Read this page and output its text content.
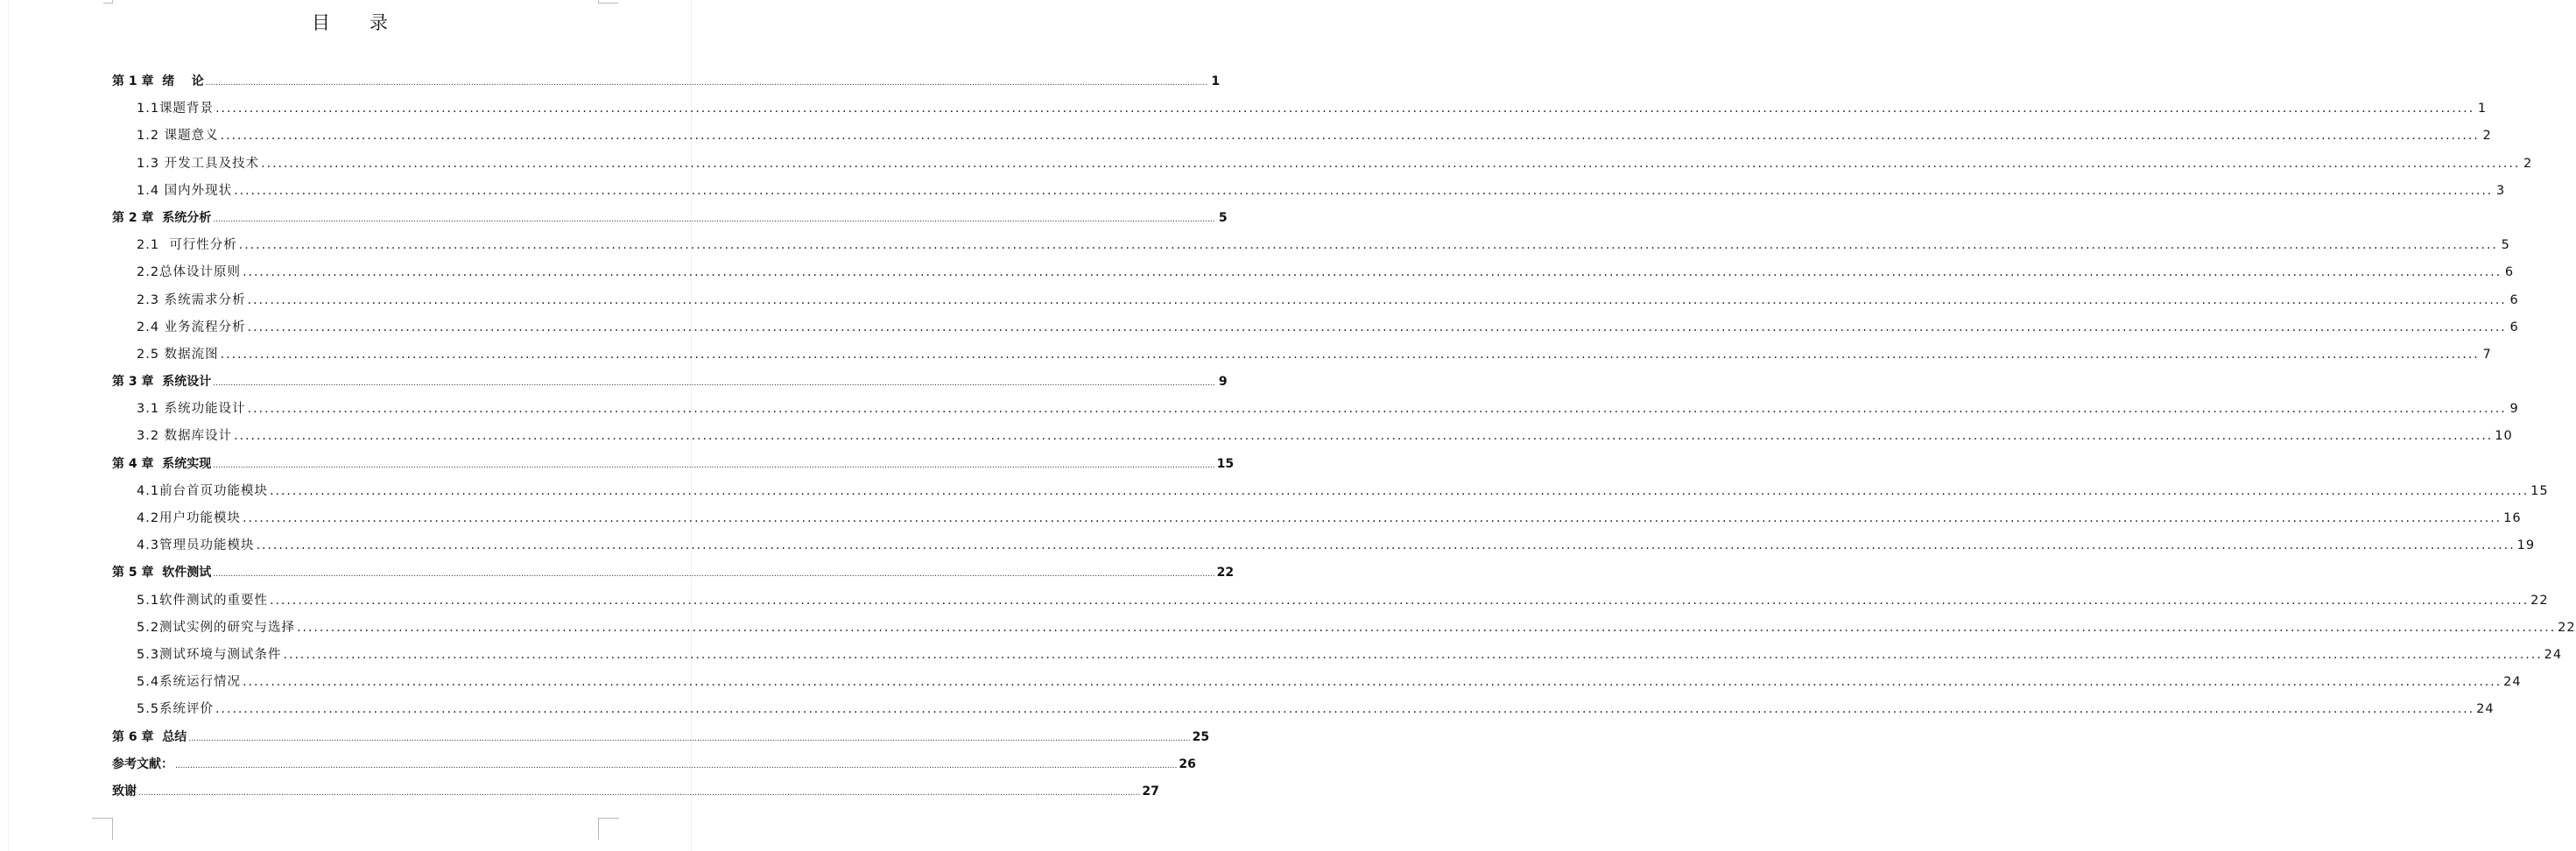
目　录
第 1 章  绪    论 ................................................................................................................................................................................................................................................................................................................................................................................................................ 1
1.1课题背景 ................................................................................................................................................................................................................................................................................................................................................................................................................ 1
1.2 课题意义 ................................................................................................................................................................................................................................................................................................................................................................................................................ 2
1.3 开发工具及技术 ................................................................................................................................................................................................................................................................................................................................................................................................................ 2
1.4 国内外现状 ................................................................................................................................................................................................................................................................................................................................................................................................................ 3
第 2 章  系统分析 ................................................................................................................................................................................................................................................................................................................................................................................................................ 5
2.1  可行性分析 ................................................................................................................................................................................................................................................................................................................................................................................................................ 5
2.2总体设计原则 ................................................................................................................................................................................................................................................................................................................................................................................................................ 6
2.3 系统需求分析 ................................................................................................................................................................................................................................................................................................................................................................................................................ 6
2.4 业务流程分析 ................................................................................................................................................................................................................................................................................................................................................................................................................ 6
2.5 数据流图 ................................................................................................................................................................................................................................................................................................................................................................................................................ 7
第 3 章  系统设计 ................................................................................................................................................................................................................................................................................................................................................................................................................ 9
3.1 系统功能设计 ................................................................................................................................................................................................................................................................................................................................................................................................................ 9
3.2 数据库设计 ................................................................................................................................................................................................................................................................................................................................................................................................................ 10
第 4 章  系统实现 ................................................................................................................................................................................................................................................................................................................................................................................................................ 15
4.1前台首页功能模块 ................................................................................................................................................................................................................................................................................................................................................................................................................ 15
4.2用户功能模块 ................................................................................................................................................................................................................................................................................................................................................................................................................ 16
4.3管理员功能模块 ................................................................................................................................................................................................................................................................................................................................................................................................................ 19
第 5 章  软件测试 ................................................................................................................................................................................................................................................................................................................................................................................................................ 22
5.1软件测试的重要性 ................................................................................................................................................................................................................................................................................................................................................................................................................ 22
5.2测试实例的研究与选择 ................................................................................................................................................................................................................................................................................................................................................................................................................ 22
5.3测试环境与测试条件 ................................................................................................................................................................................................................................................................................................................................................................................................................ 24
5.4系统运行情况 ................................................................................................................................................................................................................................................................................................................................................................................................................ 24
5.5系统评价 ................................................................................................................................................................................................................................................................................................................................................................................................................ 24
第 6 章  总结 ................................................................................................................................................................................................................................................................................................................................................................................................................ 25
参考文献： ................................................................................................................................................................................................................................................................................................................................................................................................................ 26
致谢 ................................................................................................................................................................................................................................................................................................................................................................................................................ 27
